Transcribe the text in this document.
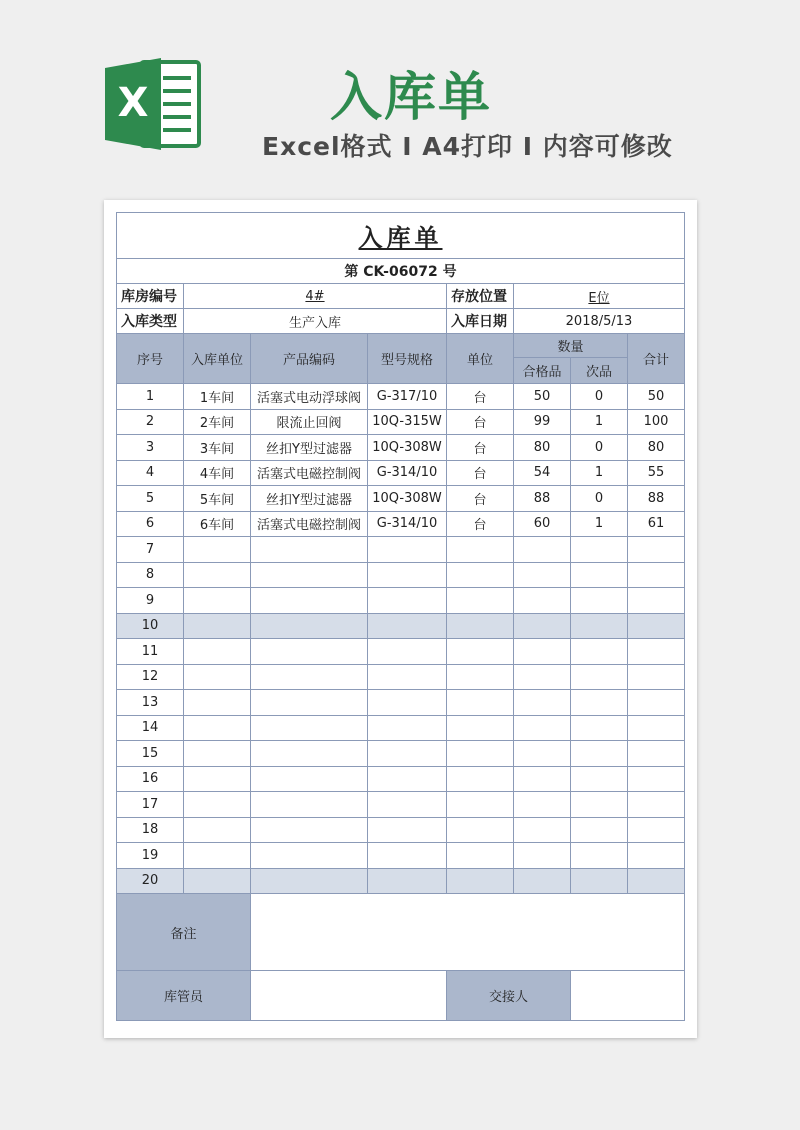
X	入库单
Excel格式 I A4打印 I 内容可修改
入库单							
第 CK-06072 号							
库房编号	4#			存放位置	E位		
入库类型	生产入库			入库日期	2018/5/13		
序号	入库单位	产品编码	型号规格	单位	数量		合计
					合格品	次品	
1	1车间	活塞式电动浮球阀	G-317/10	台	50	0	50
2	2车间	限流止回阀	10Q-315W	台	99	1	100
3	3车间	丝扣Y型过滤器	10Q-308W	台	80	0	80
4	4车间	活塞式电磁控制阀	G-314/10	台	54	1	55
5	5车间	丝扣Y型过滤器	10Q-308W	台	88	0	88
6	6车间	活塞式电磁控制阀	G-314/10	台	60	1	61
7							
8							
9							
10							
11							
12							
13							
14							
15							
16							
17							
18							
19							
20							
备注							
库管员				交接人			
